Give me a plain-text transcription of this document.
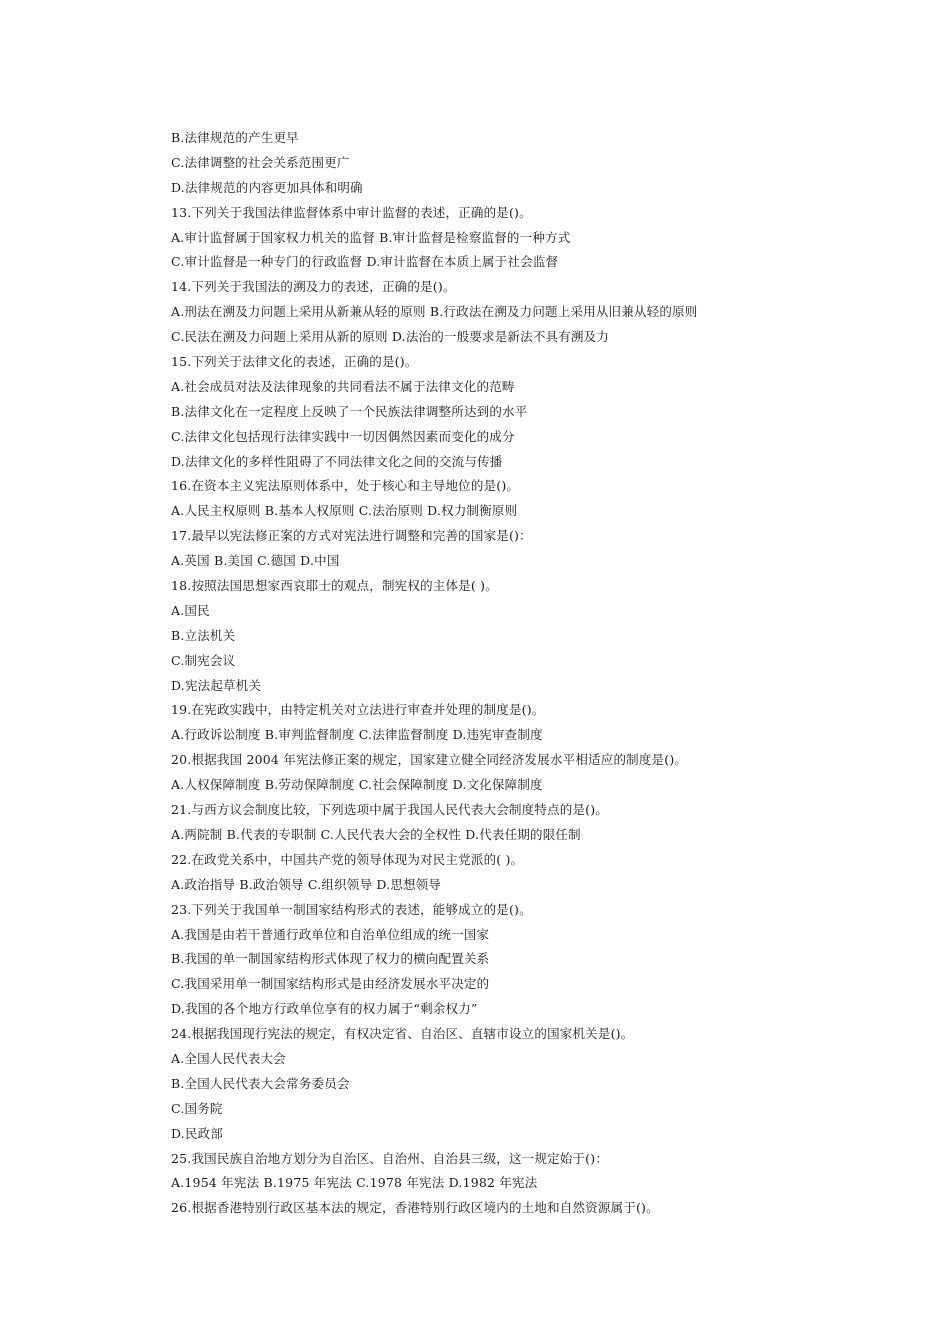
B.法律规范的产生更早
C.法律调整的社会关系范围更广
D.法律规范的内容更加具体和明确
13.下列关于我国法律监督体系中审计监督的表述，正确的是()。
A.审计监督属于国家权力机关的监督 B.审计监督是检察监督的一种方式
C.审计监督是一种专门的行政监督 D.审计监督在本质上属于社会监督
14.下列关于我国法的溯及力的表述，正确的是()。
A.刑法在溯及力问题上采用从新兼从轻的原则 B.行政法在溯及力问题上采用从旧兼从轻的原则
C.民法在溯及力问题上采用从新的原则 D.法治的一般要求是新法不具有溯及力
15.下列关于法律文化的表述，正确的是()。
A.社会成员对法及法律现象的共同看法不属于法律文化的范畴
B.法律文化在一定程度上反映了一个民族法律调整所达到的水平
C.法律文化包括现行法律实践中一切因偶然因素而变化的成分
D.法律文化的多样性阻碍了不同法律文化之间的交流与传播
16.在资本主义宪法原则体系中，处于核心和主导地位的是()。
A.人民主权原则 B.基本人权原则 C.法治原则 D.权力制衡原则
17.最早以宪法修正案的方式对宪法进行调整和完善的国家是()：
A.英国 B.美国 C.德国 D.中国
18.按照法国思想家西哀耶士的观点，制宪权的主体是( )。
A.国民
B.立法机关
C.制宪会议
D.宪法起草机关
19.在宪政实践中，由特定机关对立法进行审查并处理的制度是()。
A.行政诉讼制度 B.审判监督制度 C.法律监督制度 D.违宪审查制度
20.根据我国 2004 年宪法修正案的规定，国家建立健全同经济发展水平相适应的制度是()。
A.人权保障制度 B.劳动保障制度 C.社会保障制度 D.文化保障制度
21.与西方议会制度比较，下列选项中属于我国人民代表大会制度特点的是()。
A.两院制 B.代表的专职制 C.人民代表大会的全权性 D.代表任期的限任制
22.在政党关系中，中国共产党的领导体现为对民主党派的( )。
A.政治指导 B.政治领导 C.组织领导 D.思想领导
23.下列关于我国单一制国家结构形式的表述，能够成立的是()。
A.我国是由若干普通行政单位和自治单位组成的统一国家
B.我国的单一制国家结构形式体现了权力的横向配置关系
C.我国采用单一制国家结构形式是由经济发展水平决定的
D.我国的各个地方行政单位享有的权力属于“剩余权力”
24.根据我国现行宪法的规定，有权决定省、自治区、直辖市设立的国家机关是()。
A.全国人民代表大会
B.全国人民代表大会常务委员会
C.国务院
D.民政部
25.我国民族自治地方划分为自治区、自治州、自治县三级，这一规定始于()：
A.1954 年宪法 B.1975 年宪法 C.1978 年宪法 D.1982 年宪法
26.根据香港特别行政区基本法的规定，香港特别行政区境内的土地和自然资源属于()。
